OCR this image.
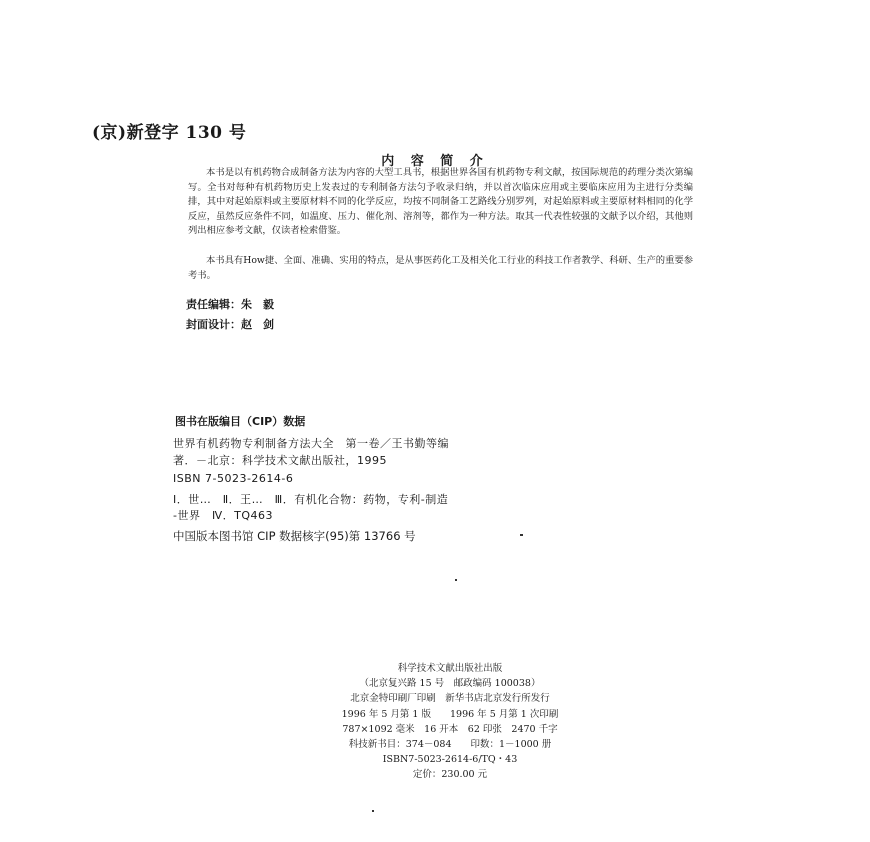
(京)新登字 130 号
内 容 简 介
本书是以有机药物合成制备方法为内容的大型工具书，根据世界各国有机药物专利文献，按国际规范的药理分类次第编写。全书对每种有机药物历史上发表过的专利制备方法匀予收录归纳，并以首次临床应用或主要临床应用为主进行分类编排，其中对起始原料或主要原材料不同的化学反应，均按不同制备工艺路线分别罗列，对起始原料或主要原材料相同的化学反应，虽然反应条件不同，如温度、压力、催化剂、溶剂等，都作为一种方法。取其一代表性较强的文献予以介绍，其他则列出相应参考文献，仅读者检索借鉴。
本书具有How捷、全面、准确、实用的特点，是从事医药化工及相关化工行业的科技工作者教学、科研、生产的重要参考书。
责任编辑：朱　毅
封面设计：赵　剑
图书在版编目（CIP）数据
世界有机药物专利制备方法大全　第一卷／王书勤等编
著．－北京：科学技术文献出版社，1995
ISBN 7-5023-2614-6
Ⅰ．世…　Ⅱ．王…　Ⅲ．有机化合物：药物，专利-制造
-世界　Ⅳ．TQ463
中国版本图书馆 CIP 数据核字(95)第 13766 号
科学技术文献出版社出版
（北京复兴路 15 号　邮政编码 100038）
北京金特印刷厂印刷　新华书店北京发行所发行
1996 年 5 月第 1 版　　1996 年 5 月第 1 次印刷
787×1092 毫米　16 开本　62 印张　2470 千字
科技新书目：374－084　　印数：1－1000 册
ISBN7-5023-2614-6/TQ・43
定价：230.00 元
